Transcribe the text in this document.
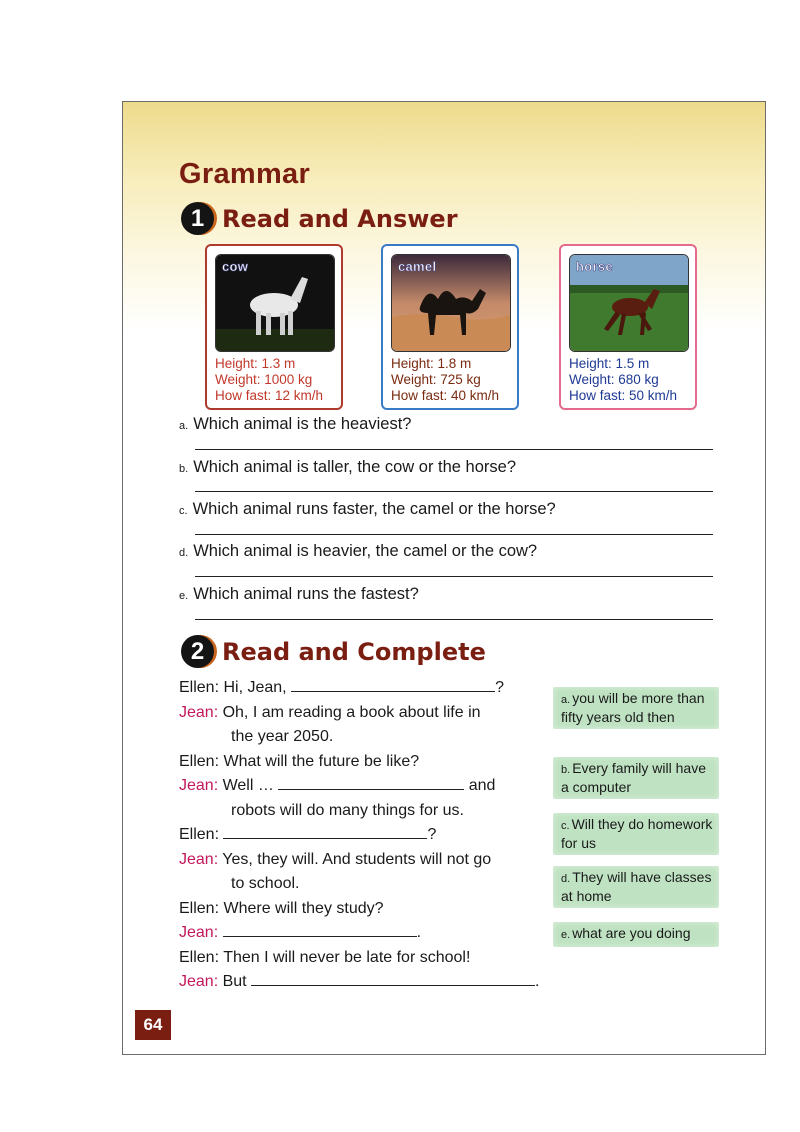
Grammar
1 Read and Answer
cow
Height: 1.3 m
Weight: 1000 kg
How fast: 12 km/h
camel
Height: 1.8 m
Weight: 725 kg
How fast: 40 km/h
horse
Height: 1.5 m
Weight: 680 kg
How fast: 50 km/h
a. Which animal is the heaviest?
b. Which animal is taller, the cow or the horse?
c. Which animal runs faster, the camel or the horse?
d. Which animal is heavier, the camel or the cow?
e. Which animal runs the fastest?
2 Read and Complete
Ellen: Hi, Jean,	?
Jean: Oh, I am reading a book about life in
the year 2050.
Ellen: What will the future be like?
Jean: Well …	and
robots will do many things for us.
Ellen:	?
Jean: Yes, they will. And students will not go
to school.
Ellen: Where will they study?
Jean:	.
Ellen: Then I will never be late for school!
Jean: But	.
a. you will be more than fifty years old then
b. Every family will have a computer
c. Will they do homework for us
d. They will have classes at home
e. what are you doing
64
